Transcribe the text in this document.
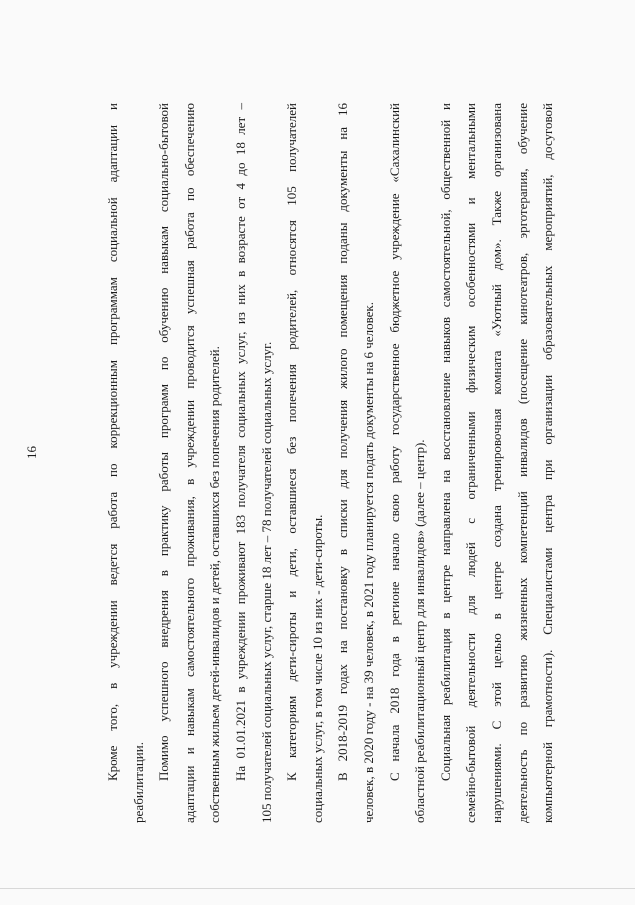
16	Кроме того, в учреждении ведется работа по коррекционным программам социальной адаптации и

реабилитации.

Помимо успешного внедрения в практику работы программ по обучению навыкам социально-бытовой адаптации и навыкам самостоятельного проживания, в учреждении проводится успешная работа по обеспечению собственным жильем детей-инвалидов и детей, оставшихся без попечения родителей. На 01.01.2021 в учреждении проживают 183 получателя социальных услуг, из них в возрасте от 4 до 18 лет – 105 получателей социальных услуг, старше 18 лет – 78 получателей социальных услуг. К категориям дети-сироты и дети, оставшиеся без попечения родителей, относятся 105 получателей социальных услуг, в том числе 10 из них - дети-сироты. В 2018-2019 годах на постановку в списки для получения жилого помещения поданы документы на 16 человек, в 2020 году - на 39 человек, в 2021 году планируется подать документы на 6 человек. С начала 2018 года в регионе начало свою работу государственное бюджетное учреждение «Сахалинский областной реабилитационный центр для инвалидов» (далее – центр). Социальная реабилитация в центре направлена на восстановление навыков самостоятельной, общественной и семейно-бытовой деятельности для людей с ограниченными физическим особенностями и ментальными нарушениями. С этой целью в центре создана тренировочная комната «Уютный дом». Также организована деятельность по развитию жизненных компетенций инвалидов (посещение кинотеатров, эрготерапия, обучение компьютерной грамотности). Специалистами центра при организации образовательных мероприятий, досуговой
